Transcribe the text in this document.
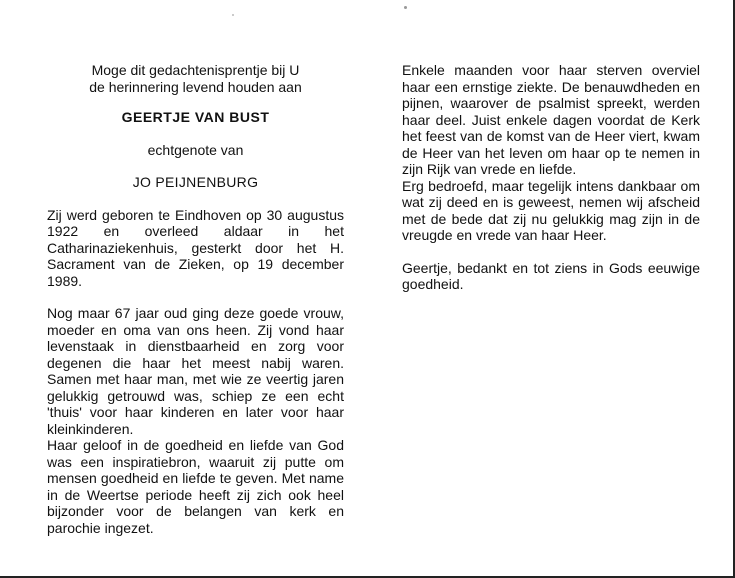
Moge dit gedachtenisprentje bij U

de herinnering levend houden aan

GEERTJE VAN BUST

echtgenote van

JO PEIJNENBURG

Zij werd geboren te Eindhoven op 30 augustus 1922 en overleed aldaar in het Catharinaziekenhuis, gesterkt door het H. Sacrament van de Zieken, op 19 december 1989.

Nog maar 67 jaar oud ging deze goede vrouw, moeder en oma van ons heen. Zij vond haar levenstaak in dienstbaarheid en zorg voor degenen die haar het meest nabij waren. Samen met haar man, met wie ze veertig jaren gelukkig getrouwd was, schiep ze een echt 'thuis' voor haar kinderen en later voor haar kleinkinderen.

Haar geloof in de goedheid en liefde van God was een inspiratiebron, waaruit zij putte om mensen goedheid en liefde te geven. Met name in de Weertse periode heeft zij zich ook heel bijzonder voor de belangen van kerk en parochie ingezet.

Enkele maanden voor haar sterven overviel haar een ernstige ziekte. De benauwdheden en pijnen, waarover de psalmist spreekt, werden haar deel. Juist enkele dagen voordat de Kerk het feest van de komst van de Heer viert, kwam de Heer van het leven om haar op te nemen in zijn Rijk van vrede en liefde.

Erg bedroefd, maar tegelijk intens dankbaar om wat zij deed en is geweest, nemen wij afscheid met de bede dat zij nu gelukkig mag zijn in de vreugde en vrede van haar Heer.

Geertje, bedankt en tot ziens in Gods eeuwige goedheid.
